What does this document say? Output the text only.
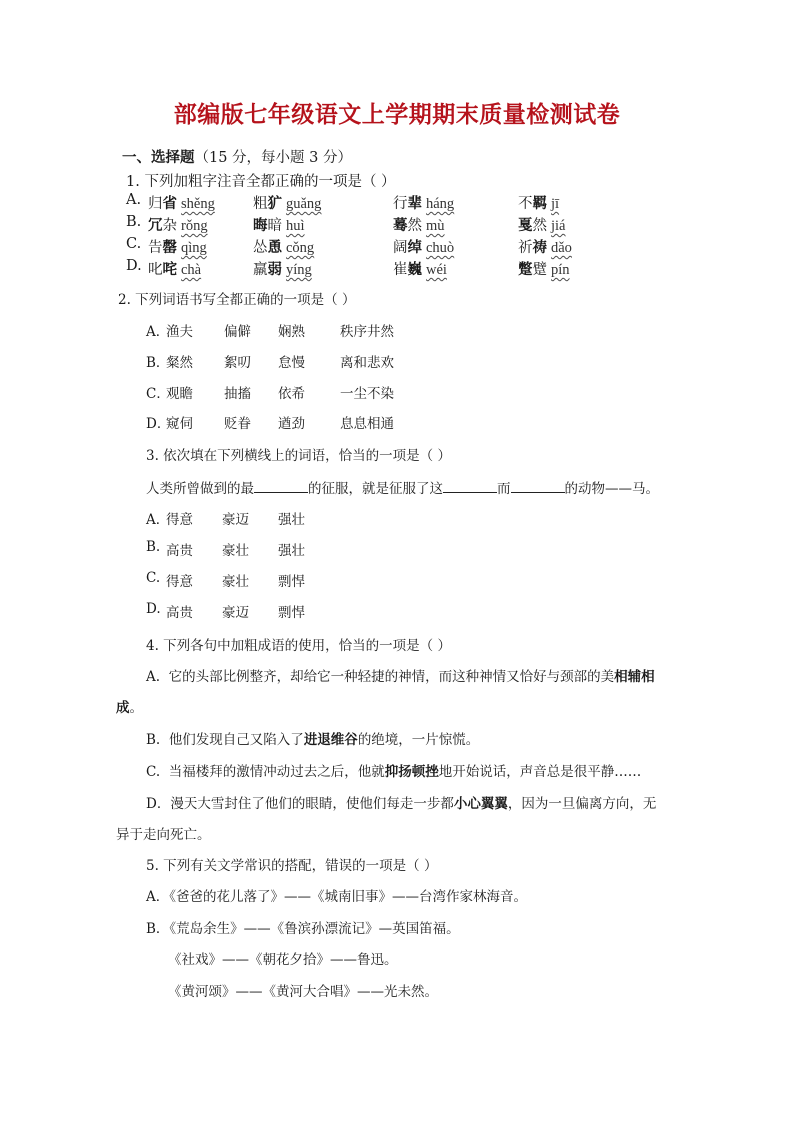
部编版七年级语文上学期期末质量检测试卷
一、选择题（15 分，每小题 3 分）
1. 下列加粗字注音全都正确的一项是（ ）
A. 归省 shěng	粗犷 guǎng	行辈 háng	不羁 jī
B. 冗杂 rǒng	晦暗 huì	蓦然 mù	戛然 jiá
C. 告罄 qìng	怂恿 cǒng	阔绰 chuò	祈祷 dǎo
D. 叱咤 chà	羸弱 yíng	崔巍 wéi	蹩躄 pín
2. 下列词语书写全都正确的一项是（ ）
A．
渔夫 偏僻 娴熟	秩序井然
B．
粲然 絮叨 怠慢	离和悲欢
C．
观瞻 抽搐 依希	一尘不染
D．
窥伺 贬眷 遒劲	息息相通
3. 依次填在下列横线上的词语，恰当的一项是（ ）
人类所曾做到的最	的征服，就是征服了这	而	的动物——马。
A．
得意 豪迈 强壮
B. 高贵 豪壮 强壮
C. 得意 豪壮 剽悍
D. 高贵 豪迈 剽悍
4. 下列各句中加粗成语的使用，恰当的一项是（ ）
A. 它的头部比例整齐，却给它一种轻捷的神情，而这种神情又恰好与颈部的美相辅相
成。
B. 他们发现自己又陷入了进退维谷的绝境，一片惊慌。
C. 当福楼拜的激情冲动过去之后，他就抑扬顿挫地开始说话，声音总是很平静……
D．漫天大雪封住了他们的眼睛，使他们每走一步都小心翼翼，因为一旦偏离方向，无
异于走向死亡。
5. 下列有关文学常识的搭配，错误的一项是（ ）
A．《爸爸的花儿落了》——《城南旧事》——台湾作家林海音。
B．《荒岛余生》——《鲁滨孙漂流记》—英国笛福。
《社戏》——《朝花夕拾》——鲁迅。
《黄河颂》——《黄河大合唱》——光未然。
